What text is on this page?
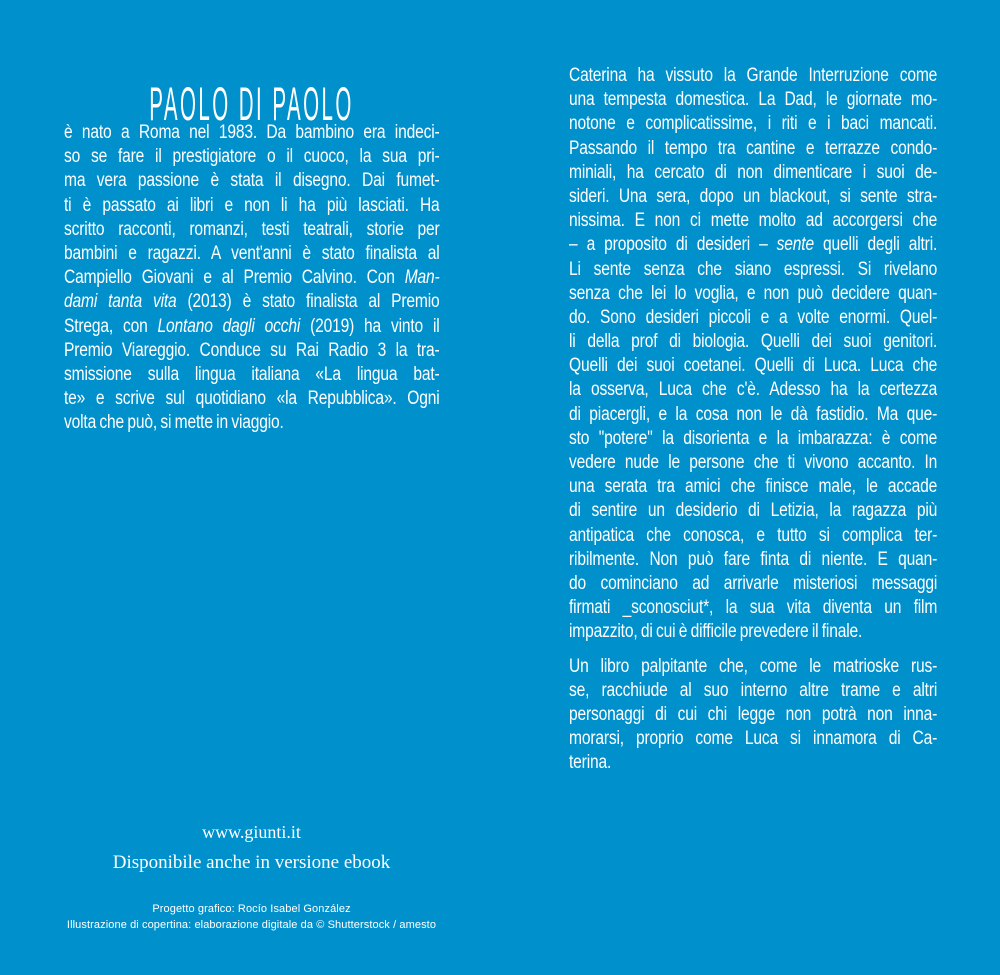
PAOLO DI PAOLO
è nato a Roma nel 1983. Da bambino era indeci-
so se fare il prestigiatore o il cuoco, la sua pri-
ma vera passione è stata il disegno. Dai fumet-
ti è passato ai libri e non li ha più lasciati. Ha
scritto racconti, romanzi, testi teatrali, storie per
bambini e ragazzi. A vent'anni è stato finalista al
Campiello Giovani e al Premio Calvino. Con Man-
dami tanta vita (2013) è stato finalista al Premio
Strega, con Lontano dagli occhi (2019) ha vinto il
Premio Viareggio. Conduce su Rai Radio 3 la tra-
smissione sulla lingua italiana «La lingua bat-
te» e scrive sul quotidiano «la Repubblica». Ogni
volta che può, si mette in viaggio.
Caterina ha vissuto la Grande Interruzione come
una tempesta domestica. La Dad, le giornate mo-
notone e complicatissime, i riti e i baci mancati.
Passando il tempo tra cantine e terrazze condo-
miniali, ha cercato di non dimenticare i suoi de-
sideri. Una sera, dopo un blackout, si sente stra-
nissima. E non ci mette molto ad accorgersi che
– a proposito di desideri – sente quelli degli altri.
Li sente senza che siano espressi. Si rivelano
senza che lei lo voglia, e non può decidere quan-
do. Sono desideri piccoli e a volte enormi. Quel-
li della prof di biologia. Quelli dei suoi genitori.
Quelli dei suoi coetanei. Quelli di Luca. Luca che
la osserva, Luca che c'è. Adesso ha la certezza
di piacergli, e la cosa non le dà fastidio. Ma que-
sto "potere" la disorienta e la imbarazza: è come
vedere nude le persone che ti vivono accanto. In
una serata tra amici che finisce male, le accade
di sentire un desiderio di Letizia, la ragazza più
antipatica che conosca, e tutto si complica ter-
ribilmente. Non può fare finta di niente. E quan-
do cominciano ad arrivarle misteriosi messaggi
firmati _sconosciut*, la sua vita diventa un film
impazzito, di cui è difficile prevedere il finale.
Un libro palpitante che, come le matrioske rus-
se, racchiude al suo interno altre trame e altri
personaggi di cui chi legge non potrà non inna-
morarsi, proprio come Luca si innamora di Ca-
terina.
www.giunti.it
Disponibile anche in versione ebook
Progetto grafico: Rocío Isabel González
Illustrazione di copertina: elaborazione digitale da © Shutterstock / amesto
